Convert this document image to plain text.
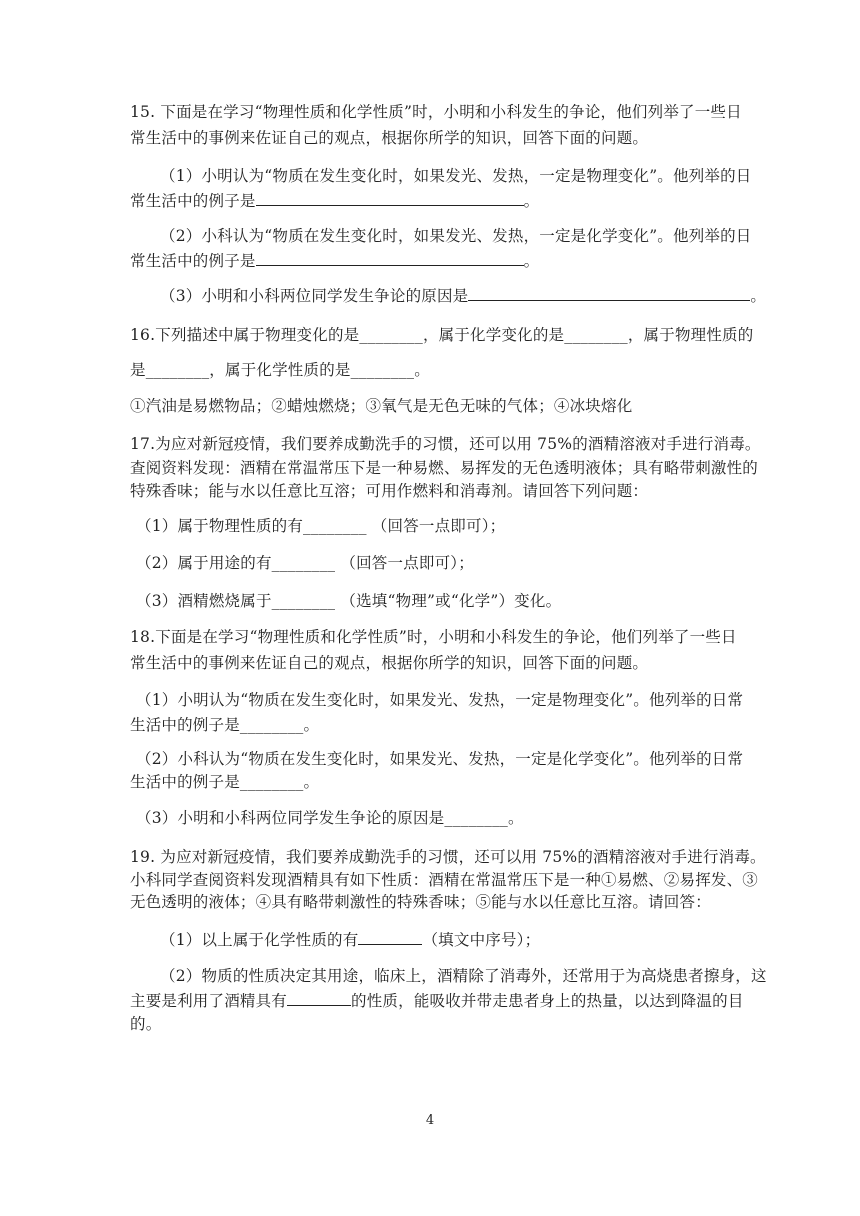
15. 下面是在学习“物理性质和化学性质”时，小明和小科发生的争论，他们列举了一些日
常生活中的事例来佐证自己的观点，根据你所学的知识，回答下面的问题。
（1）小明认为“物质在发生变化时，如果发光、发热，一定是物理变化”。他列举的日
常生活中的例子是	。
（2）小科认为“物质在发生变化时，如果发光、发热，一定是化学变化”。他列举的日
常生活中的例子是	。
（3）小明和小科两位同学发生争论的原因是	。
16.下列描述中属于物理变化的是________，属于化学变化的是________，属于物理性质的
是________，属于化学性质的是________。
①汽油是易燃物品；②蜡烛燃烧；③氧气是无色无味的气体；④冰块熔化
17.为应对新冠疫情，我们要养成勤洗手的习惯，还可以用 75%的酒精溶液对手进行消毒。
查阅资料发现：酒精在常温常压下是一种易燃、易挥发的无色透明液体；具有略带刺激性的
特殊香味；能与水以任意比互溶；可用作燃料和消毒剂。请回答下列问题：
（1）属于物理性质的有________ （回答一点即可）；
（2）属于用途的有________ （回答一点即可）；
（3）酒精燃烧属于________ （选填“物理”或“化学”）变化。
18.下面是在学习“物理性质和化学性质”时，小明和小科发生的争论，他们列举了一些日
常生活中的事例来佐证自己的观点，根据你所学的知识，回答下面的问题。
（1）小明认为“物质在发生变化时，如果发光、发热，一定是物理变化”。他列举的日常
生活中的例子是________。
（2）小科认为“物质在发生变化时，如果发光、发热，一定是化学变化”。他列举的日常
生活中的例子是________。
（3）小明和小科两位同学发生争论的原因是________。
19. 为应对新冠疫情，我们要养成勤洗手的习惯，还可以用 75%的酒精溶液对手进行消毒。
小科同学查阅资料发现酒精具有如下性质：酒精在常温常压下是一种①易燃、②易挥发、③
无色透明的液体；④具有略带刺激性的特殊香味；⑤能与水以任意比互溶。请回答：
（1）以上属于化学性质的有	（填文中序号）；
（2）物质的性质决定其用途，临床上，酒精除了消毒外，还常用于为高烧患者擦身，这
主要是利用了酒精具有	的性质，能吸收并带走患者身上的热量，以达到降温的目
的。
4
